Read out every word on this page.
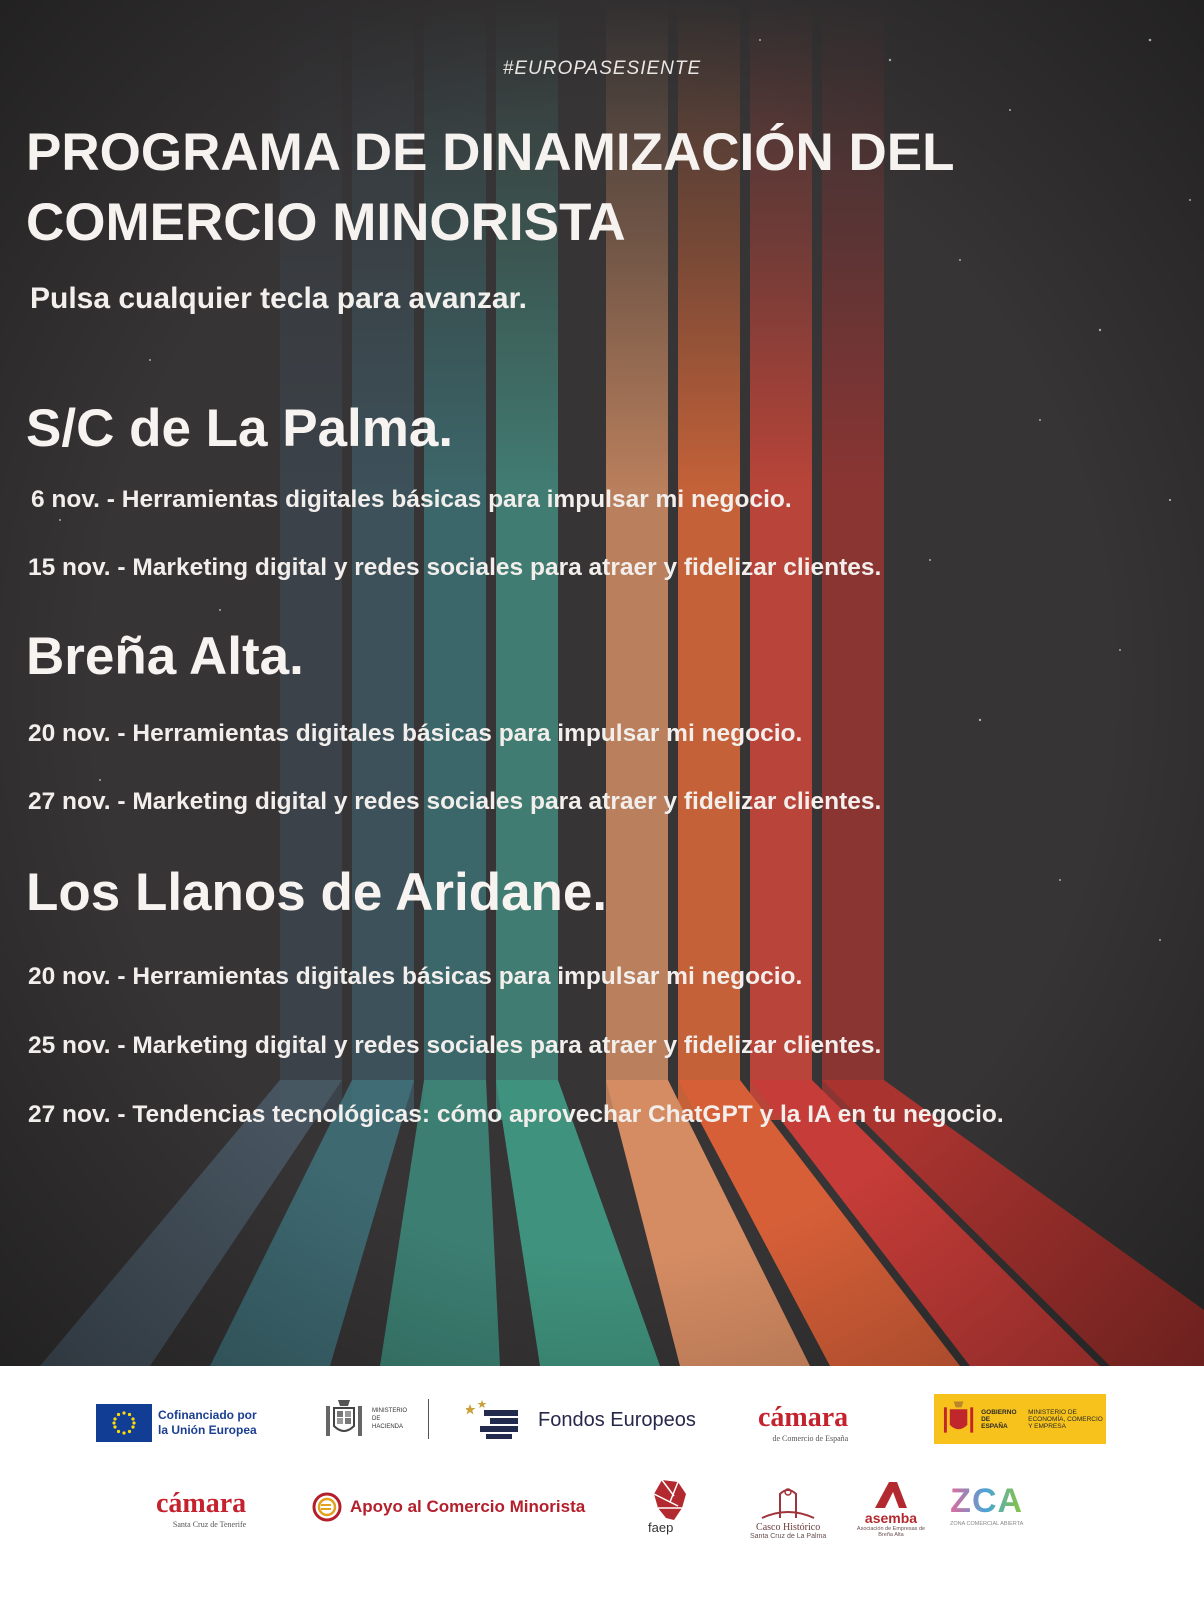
#EUROPASESIENTE
PROGRAMA DE DINAMIZACIÓN DEL
COMERCIO MINORISTA
Pulsa cualquier tecla para avanzar.
S/C de La Palma.
6 nov. - Herramientas digitales básicas para impulsar mi negocio.
15 nov. - Marketing digital y redes sociales para atraer y fidelizar clientes.
Breña Alta.
20 nov. - Herramientas digitales básicas para impulsar mi negocio.
27 nov. - Marketing digital y redes sociales para atraer y fidelizar clientes.
Los Llanos de Aridane.
20 nov. - Herramientas digitales básicas para impulsar mi negocio.
25 nov. - Marketing digital y redes sociales para atraer y fidelizar clientes.
27 nov. - Tendencias tecnológicas: cómo aprovechar ChatGPT y la IA en tu negocio.
Cofinanciado por
la Unión Europea
MINISTERIO DE HACIENDA	Fondos Europeos cámara
de Comercio de España
GOBIERNO DE ESPAÑA
MINISTERIO DE ECONOMÍA, COMERCIO Y EMPRESA
cámara
Santa Cruz de Tenerife
Apoyo al Comercio Minorista
faep	Casco Histórico
Santa Cruz de La Palma
asemba
Asociación de Empresas de Breña Alta
ZCA
ZONA COMERCIAL ABIERTA
